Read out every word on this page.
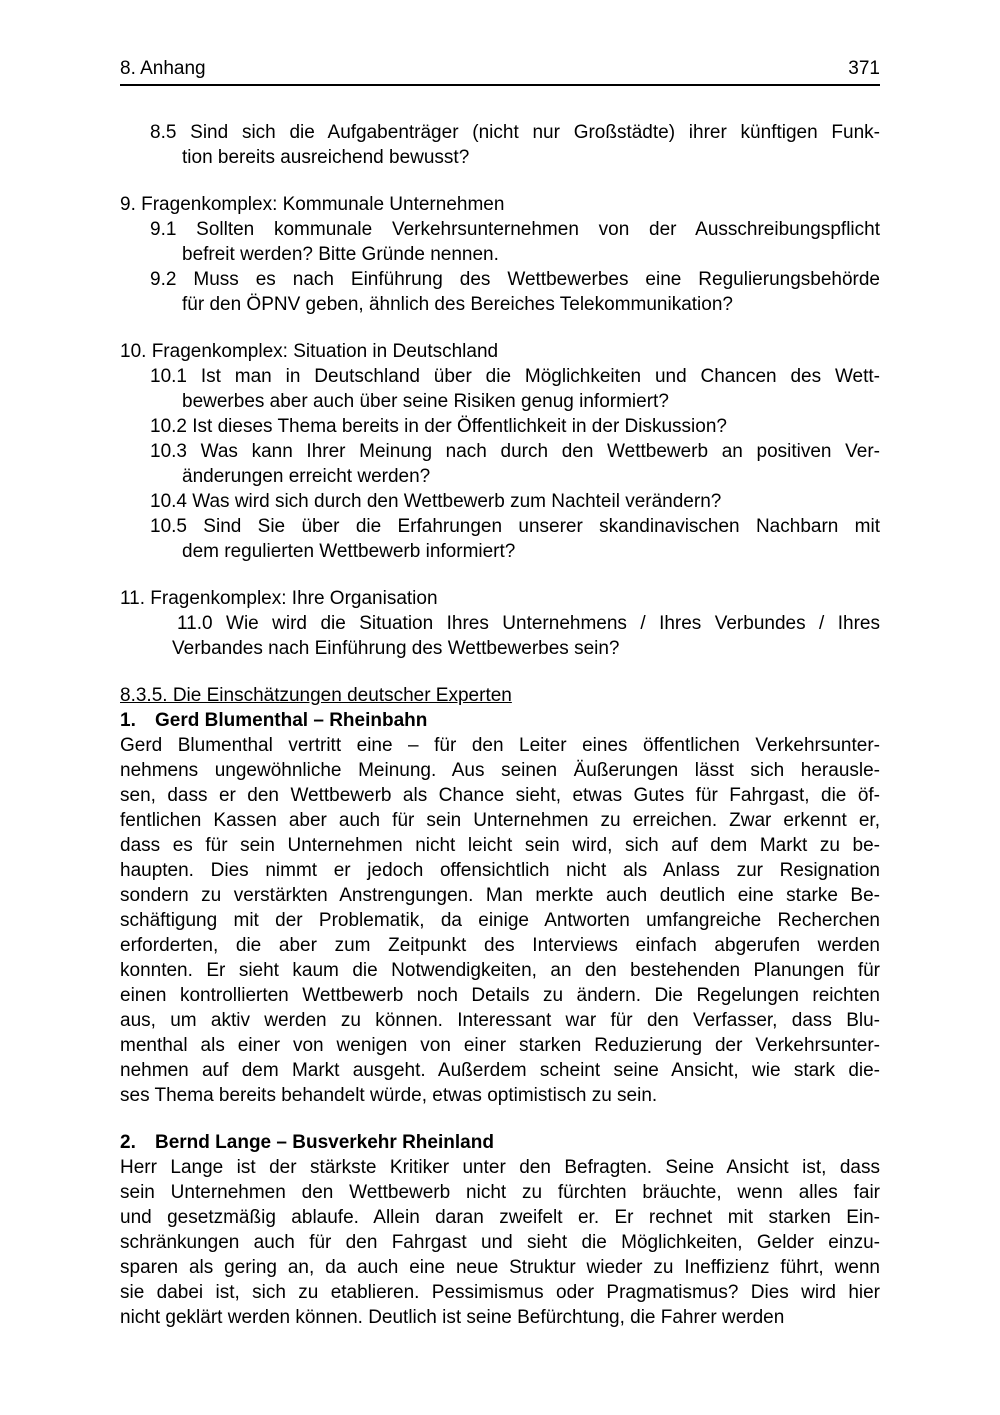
8. Anhang	371
8.5 Sind sich die Aufgabenträger (nicht nur Großstädte) ihrer künftigen Funk-
tion bereits ausreichend bewusst?
9. Fragenkomplex: Kommunale Unternehmen
9.1 Sollten kommunale Verkehrsunternehmen von der Ausschreibungspflicht
befreit werden? Bitte Gründe nennen.
9.2 Muss es nach Einführung des Wettbewerbes eine Regulierungsbehörde
für den ÖPNV geben, ähnlich des Bereiches Telekommunikation?
10. Fragenkomplex: Situation in Deutschland
10.1 Ist man in Deutschland über die Möglichkeiten und Chancen des Wett-
bewerbes aber auch über seine Risiken genug informiert?
10.2 Ist dieses Thema bereits in der Öffentlichkeit in der Diskussion?
10.3 Was kann Ihrer Meinung nach durch den Wettbewerb an positiven Ver-
änderungen erreicht werden?
10.4 Was wird sich durch den Wettbewerb zum Nachteil verändern?
10.5 Sind Sie über die Erfahrungen unserer skandinavischen Nachbarn mit
dem regulierten Wettbewerb informiert?
11. Fragenkomplex: Ihre Organisation
11.0 Wie wird die Situation Ihres Unternehmens / Ihres Verbundes / Ihres
Verbandes nach Einführung des Wettbewerbes sein?
8.3.5. Die Einschätzungen deutscher Experten
1.	Gerd Blumenthal – Rheinbahn
Gerd Blumenthal vertritt eine – für den Leiter eines öffentlichen Verkehrsunter-
nehmens ungewöhnliche Meinung. Aus seinen Äußerungen lässt sich herausle-
sen, dass er den Wettbewerb als Chance sieht, etwas Gutes für Fahrgast, die öf-
fentlichen Kassen aber auch für sein Unternehmen zu erreichen. Zwar erkennt er,
dass es für sein Unternehmen nicht leicht sein wird, sich auf dem Markt zu be-
haupten. Dies nimmt er jedoch offensichtlich nicht als Anlass zur Resignation
sondern zu verstärkten Anstrengungen. Man merkte auch deutlich eine starke Be-
schäftigung mit der Problematik, da einige Antworten umfangreiche Recherchen
erforderten, die aber zum Zeitpunkt des Interviews einfach abgerufen werden
konnten. Er sieht kaum die Notwendigkeiten, an den bestehenden Planungen für
einen kontrollierten Wettbewerb noch Details zu ändern. Die Regelungen reichten
aus, um aktiv werden zu können. Interessant war für den Verfasser, dass Blu-
menthal als einer von wenigen von einer starken Reduzierung der Verkehrsunter-
nehmen auf dem Markt ausgeht. Außerdem scheint seine Ansicht, wie stark die-
ses Thema bereits behandelt würde, etwas optimistisch zu sein.
2.	Bernd Lange – Busverkehr Rheinland
Herr Lange ist der stärkste Kritiker unter den Befragten. Seine Ansicht ist, dass
sein Unternehmen den Wettbewerb nicht zu fürchten bräuchte, wenn alles fair
und gesetzmäßig ablaufe. Allein daran zweifelt er. Er rechnet mit starken Ein-
schränkungen auch für den Fahrgast und sieht die Möglichkeiten, Gelder einzu-
sparen als gering an, da auch eine neue Struktur wieder zu Ineffizienz führt, wenn
sie dabei ist, sich zu etablieren. Pessimismus oder Pragmatismus? Dies wird hier
nicht geklärt werden können. Deutlich ist seine Befürchtung, die Fahrer werden
